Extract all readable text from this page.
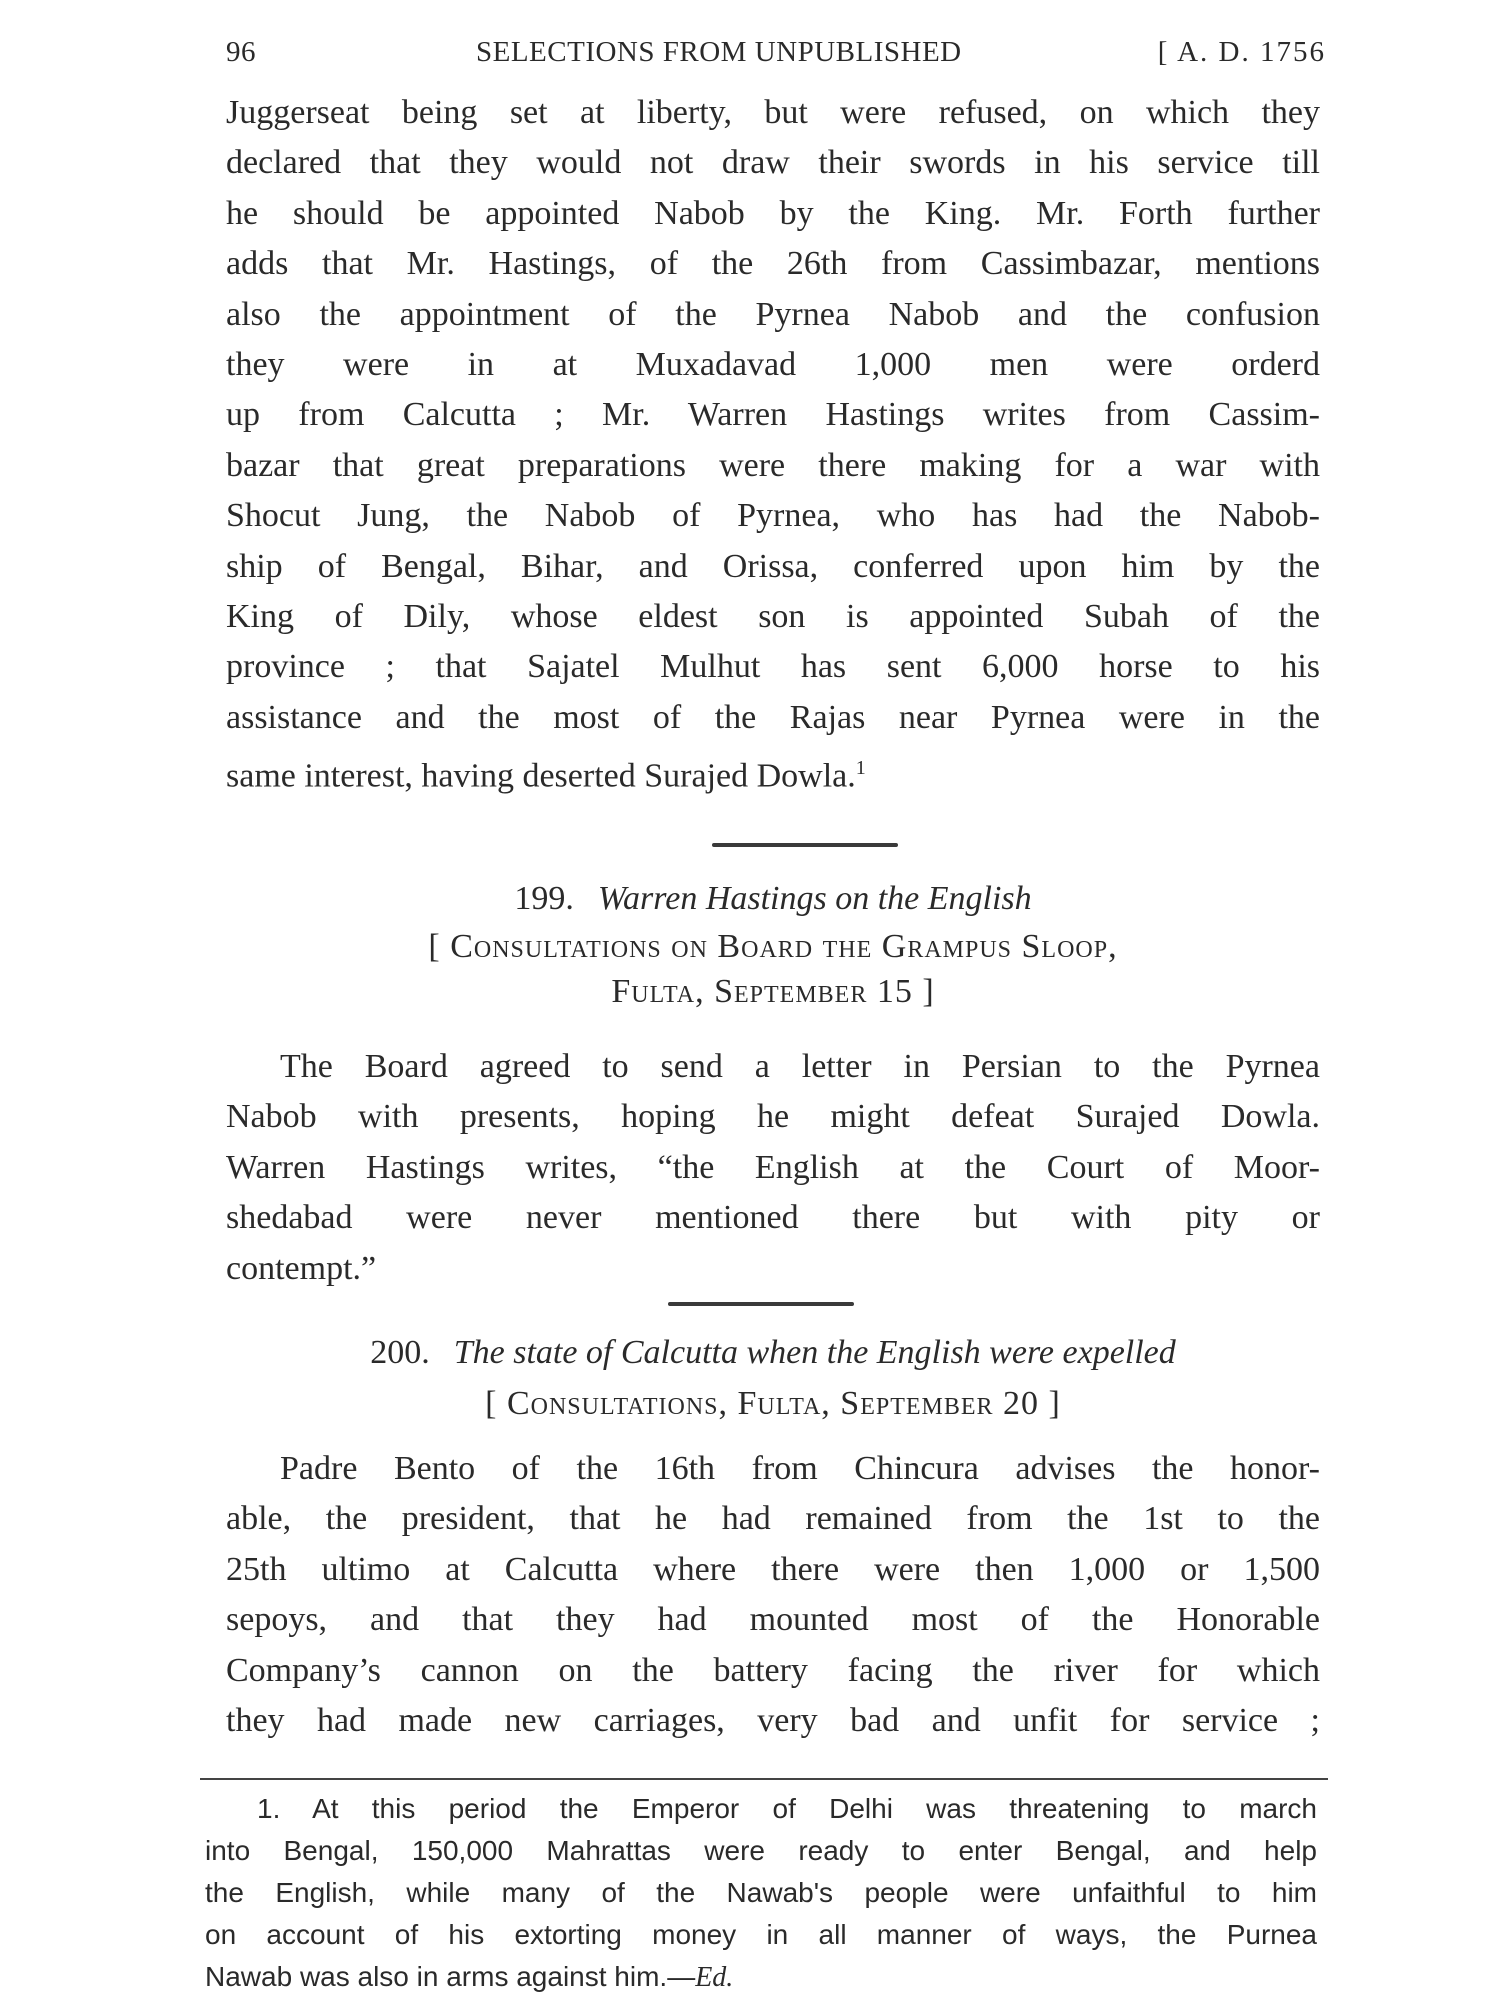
96	SELECTIONS FROM UNPUBLISHED	[ A. D. 1756

Juggerseat being set at liberty, but were refused, on which they
declared that they would not draw their swords in his service till
he should be appointed Nabob by the King. Mr. Forth further
adds that Mr. Hastings, of the 26th from Cassimbazar, mentions
also the appointment of the Pyrnea Nabob and the confusion
they were in at Muxadavad 1,000 men were orderd
up from Calcutta ; Mr. Warren Hastings writes from Cassim-
bazar that great preparations were there making for a war with
Shocut Jung, the Nabob of Pyrnea, who has had the Nabob-
ship of Bengal, Bihar, and Orissa, conferred upon him by the
King of Dily, whose eldest son is appointed Subah of the
province ; that Sajatel Mulhut has sent 6,000 horse to his
assistance and the most of the Rajas near Pyrnea were in the
same interest, having deserted Surajed Dowla.$^1$

199. Warren Hastings on the English
[ Consultations on Board the Grampus Sloop,
Fulta, September 15 ]

The Board agreed to send a letter in Persian to the Pyrnea
Nabob with presents, hoping he might defeat Surajed Dowla.
Warren Hastings writes, “the English at the Court of Moor-
shedabad were never mentioned there but with pity or
contempt.”

200. The state of Calcutta when the English were expelled
[ Consultations, Fulta, September 20 ]

Padre Bento of the 16th from Chincura advises the honor-
able, the president, that he had remained from the 1st to the
25th ultimo at Calcutta where there were then 1,000 or 1,500
sepoys, and that they had mounted most of the Honorable
Company’s cannon on the battery facing the river for which
they had made new carriages, very bad and unfit for service ;

1. At this period the Emperor of Delhi was threatening to march
into Bengal, 150,000 Mahrattas were ready to enter Bengal, and help
the English, while many of the Nawab's people were unfaithful to him
on account of his extorting money in all manner of ways, the Purnea
Nawab was also in arms against him.—Ed.
